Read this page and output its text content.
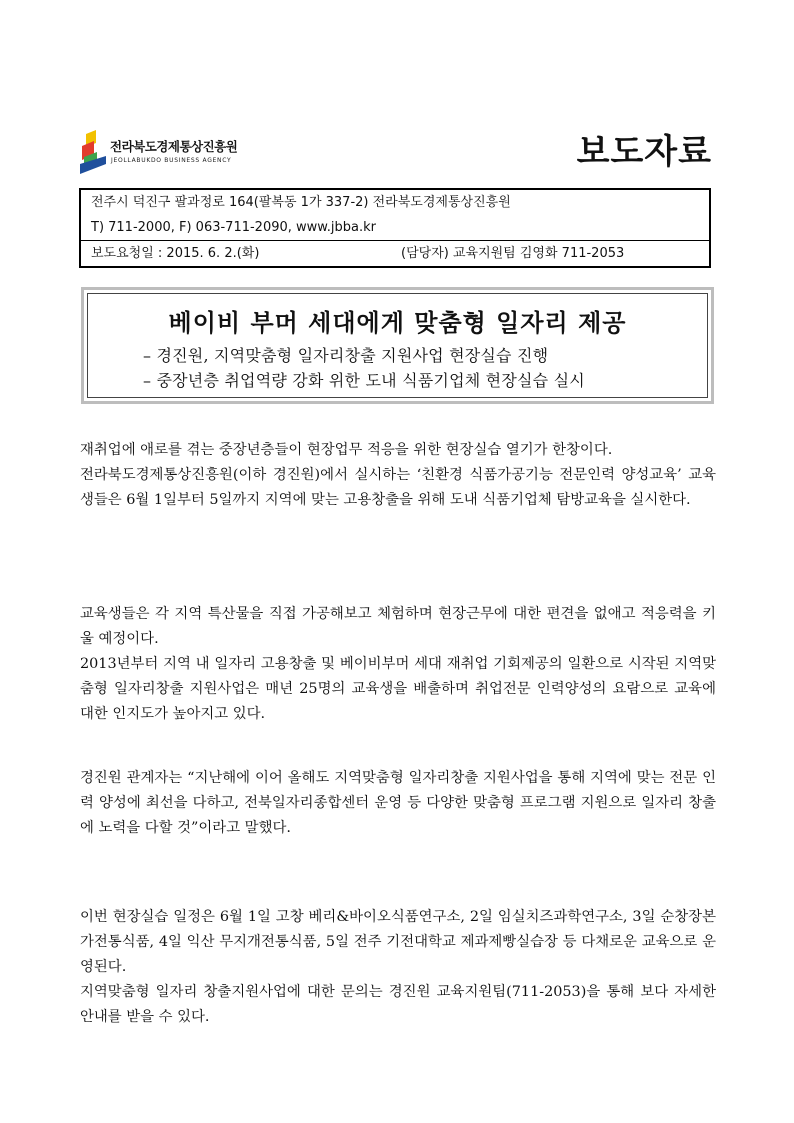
전라북도경제통상진흥원
JEOLLABUKDO BUSINESS AGENCY	보도자료
전주시 덕진구 팔과정로 164(팔복동 1가 337-2) 전라북도경제통상진흥원
T) 711-2000, F) 063-711-2090, www.jbba.kr
보도요청일 : 2015. 6. 2.(화)	(담당자) 교육지원팀 김영화 711-2053
베이비 부머 세대에게 맞춤형 일자리 제공
– 경진원, 지역맞춤형 일자리창출 지원사업 현장실습 진행
– 중장년층 취업역량 강화 위한 도내 식품기업체 현장실습 실시

재취업에 애로를 겪는 중장년층들이 현장업무 적응을 위한 현장실습 열기가 한창이다.

전라북도경제통상진흥원(이하 경진원)에서 실시하는 ‘친환경 식품가공기능 전문인력 양성교육’ 교육생들은 6월 1일부터 5일까지 지역에 맞는 고용창출을 위해 도내 식품기업체 탐방교육을 실시한다.

교육생들은 각 지역 특산물을 직접 가공해보고 체험하며 현장근무에 대한 편견을 없애고 적응력을 키울 예정이다.

2013년부터 지역 내 일자리 고용창출 및 베이비부머 세대 재취업 기회제공의 일환으로 시작된 지역맞춤형 일자리창출 지원사업은 매년 25명의 교육생을 배출하며 취업전문 인력양성의 요람으로 교육에 대한 인지도가 높아지고 있다.

경진원 관계자는 “지난해에 이어 올해도 지역맞춤형 일자리창출 지원사업을 통해 지역에 맞는 전문 인력 양성에 최선을 다하고, 전북일자리종합센터 운영 등 다양한 맞춤형 프로그램 지원으로 일자리 창출에 노력을 다할 것”이라고 말했다.

이번 현장실습 일정은 6월 1일 고창 베리&바이오식품연구소, 2일 임실치즈과학연구소, 3일 순창장본가전통식품, 4일 익산 무지개전통식품, 5일 전주 기전대학교 제과제빵실습장 등 다채로운 교육으로 운영된다.

지역맞춤형 일자리 창출지원사업에 대한 문의는 경진원 교육지원팀(711-2053)을 통해 보다 자세한 안내를 받을 수 있다.
